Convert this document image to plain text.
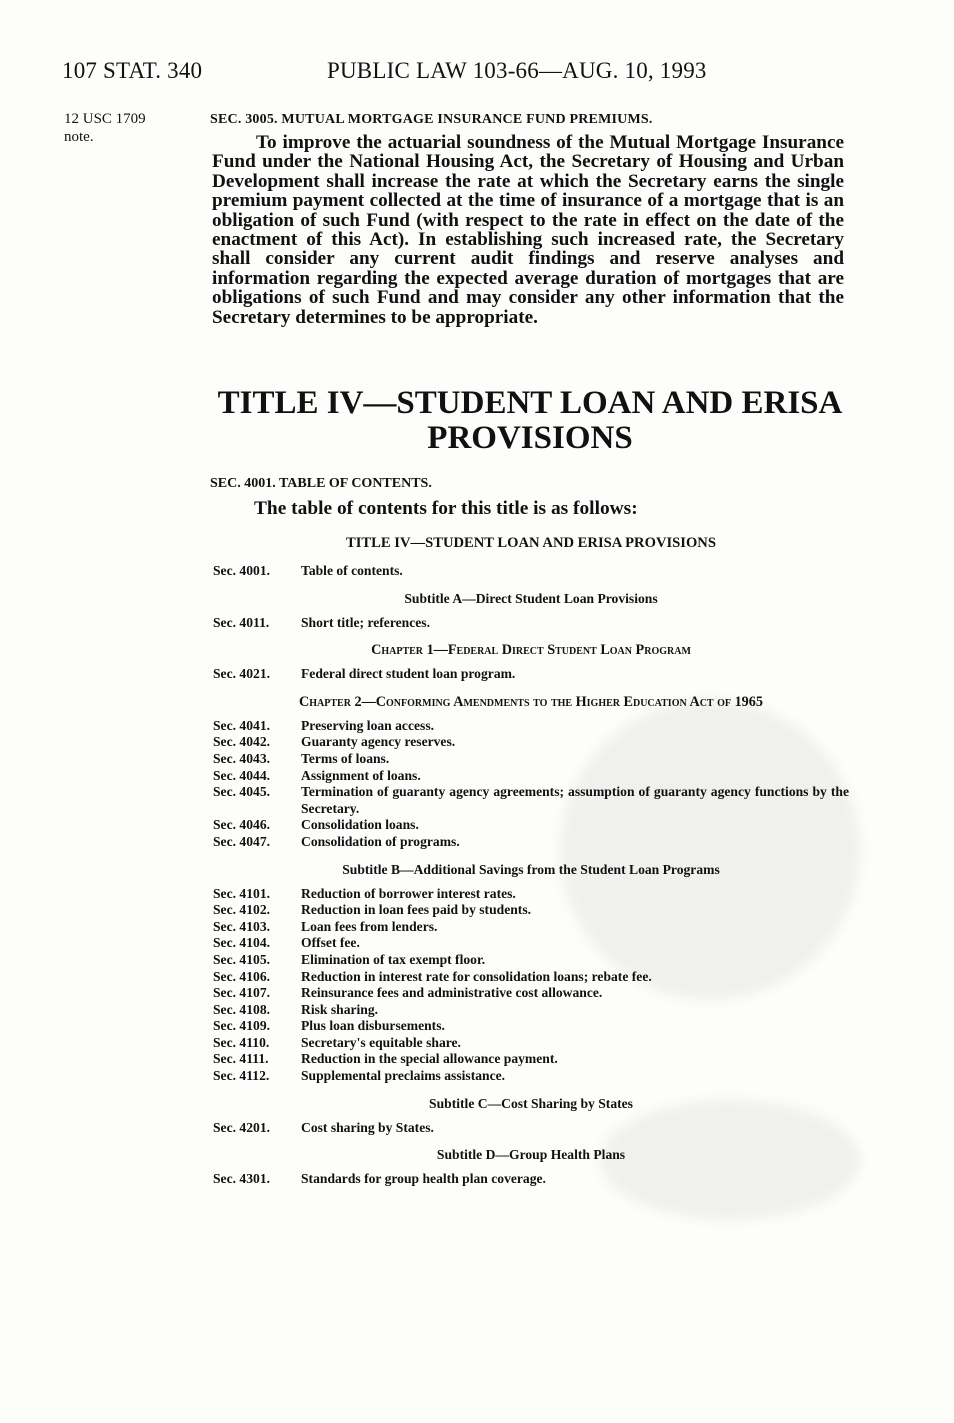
107 STAT. 340	PUBLIC LAW 103-66—AUG. 10, 1993
12 USC 1709
note.
SEC. 3005. MUTUAL MORTGAGE INSURANCE FUND PREMIUMS.
To improve the actuarial soundness of the Mutual Mortgage Insurance Fund under the National Housing Act, the Secretary of Housing and Urban Development shall increase the rate at which the Secretary earns the single premium payment collected at the time of insurance of a mortgage that is an obligation of such Fund (with respect to the rate in effect on the date of the enactment of this Act). In establishing such increased rate, the Secretary shall consider any current audit findings and reserve analyses and information regarding the expected average duration of mortgages that are obligations of such Fund and may consider any other information that the Secretary determines to be appropriate.
TITLE IV—STUDENT LOAN AND ERISA
PROVISIONS
SEC. 4001. TABLE OF CONTENTS.
The table of contents for this title is as follows:
TITLE IV—STUDENT LOAN AND ERISA PROVISIONS
Sec. 4001.	Table of contents.
Subtitle A—Direct Student Loan Provisions
Sec. 4011.	Short title; references.
Chapter 1—Federal Direct Student Loan Program
Sec. 4021.	Federal direct student loan program.
Chapter 2—Conforming Amendments to the Higher Education Act of 1965
Sec. 4041.	Preserving loan access.
Sec. 4042.	Guaranty agency reserves.
Sec. 4043.	Terms of loans.
Sec. 4044.	Assignment of loans.
Sec. 4045.	Termination of guaranty agency agreements; assumption of guaranty agency functions by the Secretary.
Sec. 4046.	Consolidation loans.
Sec. 4047.	Consolidation of programs.
Subtitle B—Additional Savings from the Student Loan Programs
Sec. 4101.	Reduction of borrower interest rates.
Sec. 4102.	Reduction in loan fees paid by students.
Sec. 4103.	Loan fees from lenders.
Sec. 4104.	Offset fee.
Sec. 4105.	Elimination of tax exempt floor.
Sec. 4106.	Reduction in interest rate for consolidation loans; rebate fee.
Sec. 4107.	Reinsurance fees and administrative cost allowance.
Sec. 4108.	Risk sharing.
Sec. 4109.	Plus loan disbursements.
Sec. 4110.	Secretary's equitable share.
Sec. 4111.	Reduction in the special allowance payment.
Sec. 4112.	Supplemental preclaims assistance.
Subtitle C—Cost Sharing by States
Sec. 4201.	Cost sharing by States.
Subtitle D—Group Health Plans
Sec. 4301.	Standards for group health plan coverage.
